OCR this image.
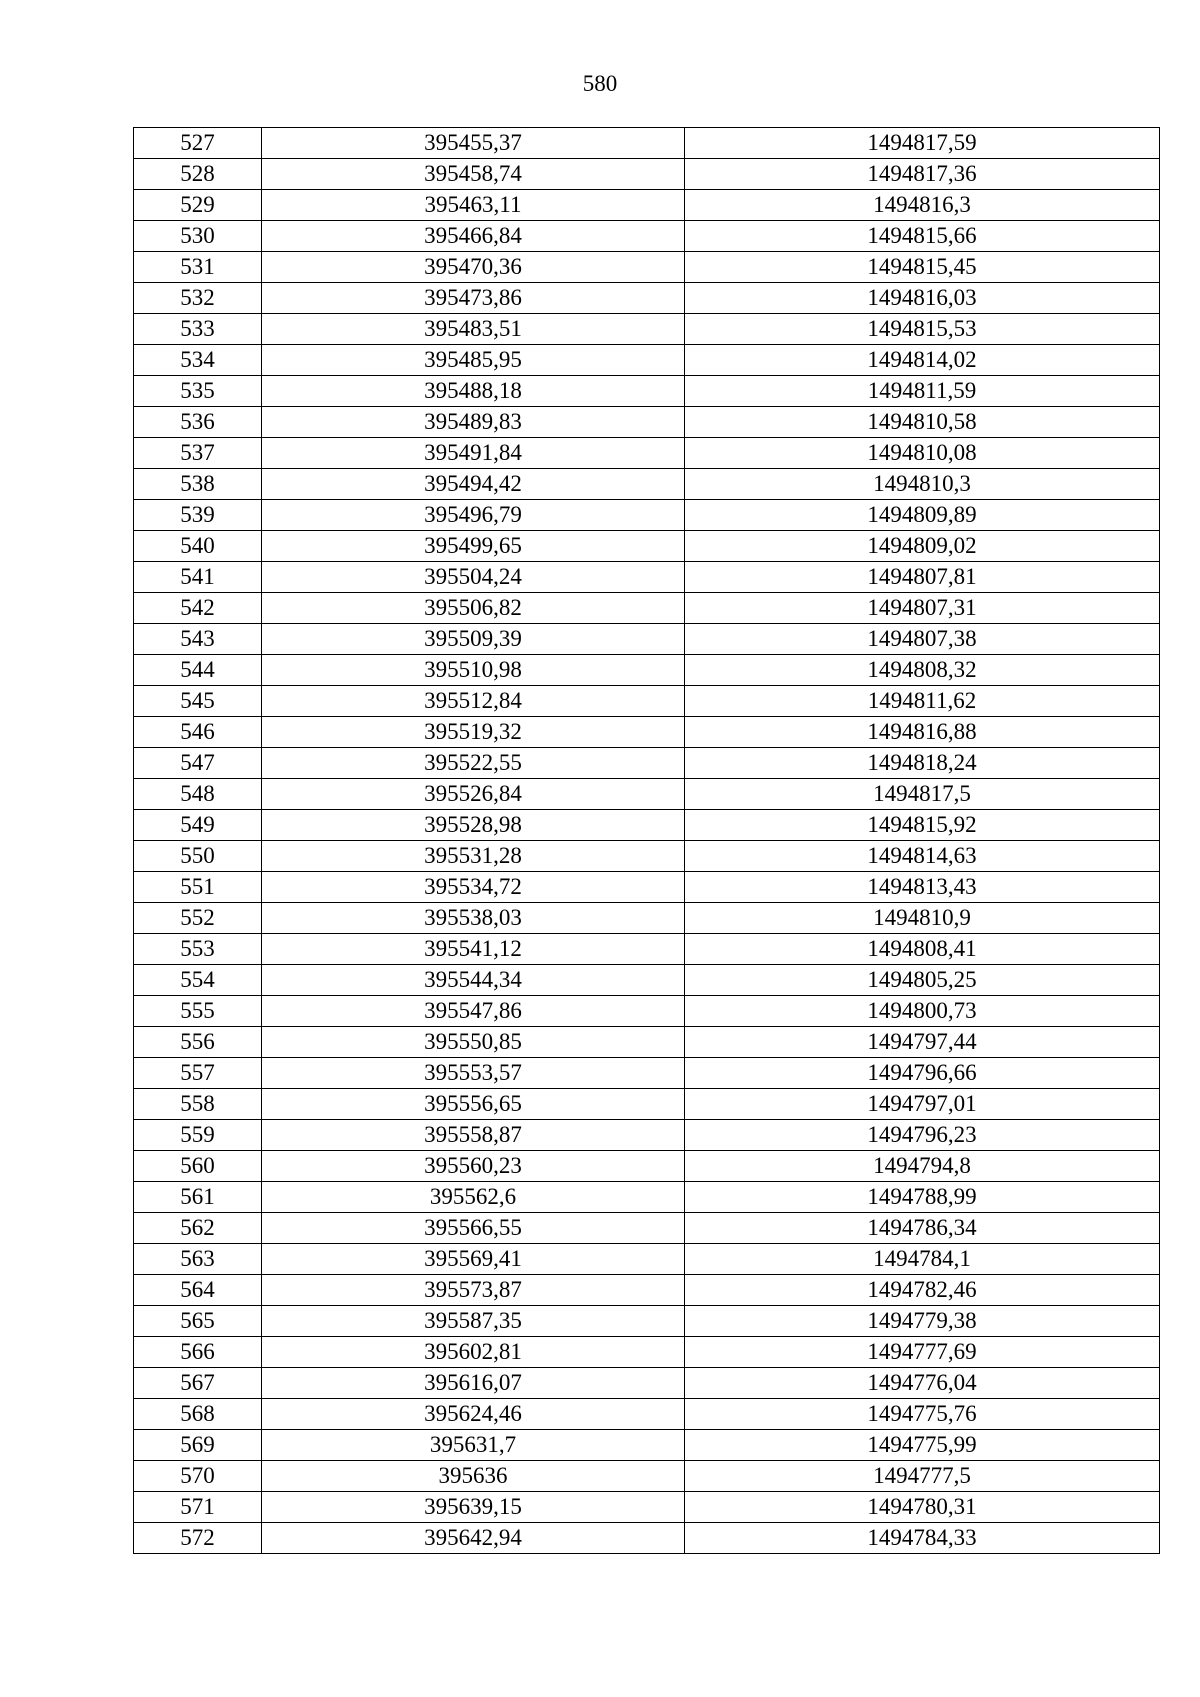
580
527	395455,37	1494817,59
528	395458,74	1494817,36
529	395463,11	1494816,3
530	395466,84	1494815,66
531	395470,36	1494815,45
532	395473,86	1494816,03
533	395483,51	1494815,53
534	395485,95	1494814,02
535	395488,18	1494811,59
536	395489,83	1494810,58
537	395491,84	1494810,08
538	395494,42	1494810,3
539	395496,79	1494809,89
540	395499,65	1494809,02
541	395504,24	1494807,81
542	395506,82	1494807,31
543	395509,39	1494807,38
544	395510,98	1494808,32
545	395512,84	1494811,62
546	395519,32	1494816,88
547	395522,55	1494818,24
548	395526,84	1494817,5
549	395528,98	1494815,92
550	395531,28	1494814,63
551	395534,72	1494813,43
552	395538,03	1494810,9
553	395541,12	1494808,41
554	395544,34	1494805,25
555	395547,86	1494800,73
556	395550,85	1494797,44
557	395553,57	1494796,66
558	395556,65	1494797,01
559	395558,87	1494796,23
560	395560,23	1494794,8
561	395562,6	1494788,99
562	395566,55	1494786,34
563	395569,41	1494784,1
564	395573,87	1494782,46
565	395587,35	1494779,38
566	395602,81	1494777,69
567	395616,07	1494776,04
568	395624,46	1494775,76
569	395631,7	1494775,99
570	395636	1494777,5
571	395639,15	1494780,31
572	395642,94	1494784,33
